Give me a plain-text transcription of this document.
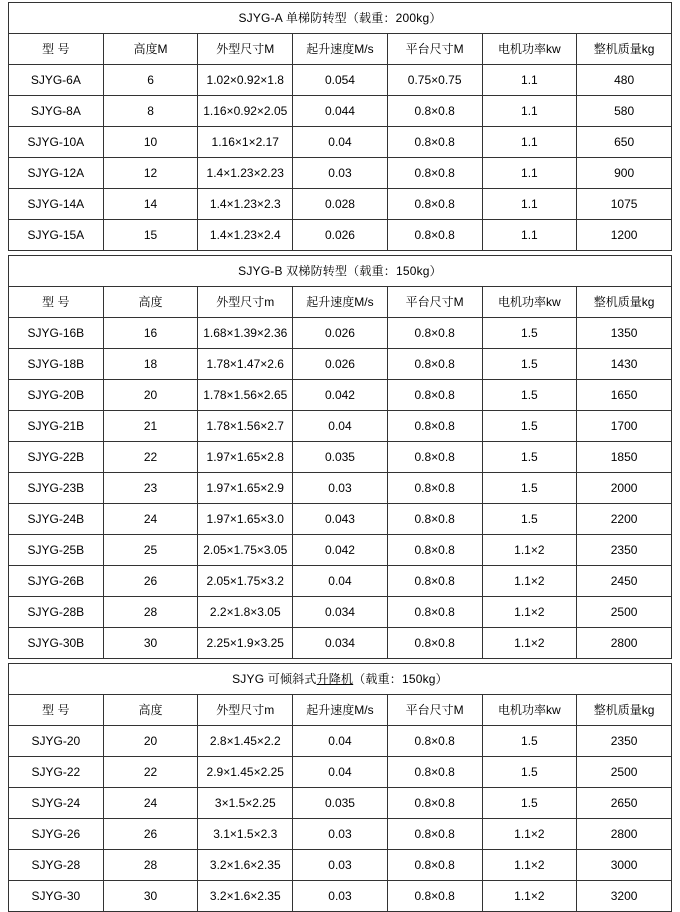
SJYG-A 单梯防转型（载重：200kg）						
型 号	高度M	外型尺寸M	起升速度M/s	平台尺寸M	电机功率kw	整机质量kg
SJYG-6A	6	1.02×0.92×1.8	0.054	0.75×0.75	1.1	480
SJYG-8A	8	1.16×0.92×2.05	0.044	0.8×0.8	1.1	580
SJYG-10A	10	1.16×1×2.17	0.04	0.8×0.8	1.1	650
SJYG-12A	12	1.4×1.23×2.23	0.03	0.8×0.8	1.1	900
SJYG-14A	14	1.4×1.23×2.3	0.028	0.8×0.8	1.1	1075
SJYG-15A	15	1.4×1.23×2.4	0.026	0.8×0.8	1.1	1200
SJYG-B 双梯防转型（载重：150kg）						
型 号	高度	外型尺寸m	起升速度M/s	平台尺寸M	电机功率kw	整机质量kg
SJYG-16B	16	1.68×1.39×2.36	0.026	0.8×0.8	1.5	1350
SJYG-18B	18	1.78×1.47×2.6	0.026	0.8×0.8	1.5	1430
SJYG-20B	20	1.78×1.56×2.65	0.042	0.8×0.8	1.5	1650
SJYG-21B	21	1.78×1.56×2.7	0.04	0.8×0.8	1.5	1700
SJYG-22B	22	1.97×1.65×2.8	0.035	0.8×0.8	1.5	1850
SJYG-23B	23	1.97×1.65×2.9	0.03	0.8×0.8	1.5	2000
SJYG-24B	24	1.97×1.65×3.0	0.043	0.8×0.8	1.5	2200
SJYG-25B	25	2.05×1.75×3.05	0.042	0.8×0.8	1.1×2	2350
SJYG-26B	26	2.05×1.75×3.2	0.04	0.8×0.8	1.1×2	2450
SJYG-28B	28	2.2×1.8×3.05	0.034	0.8×0.8	1.1×2	2500
SJYG-30B	30	2.25×1.9×3.25	0.034	0.8×0.8	1.1×2	2800
SJYG 可倾斜式升降机（载重：150kg）						
型 号	高度	外型尺寸m	起升速度M/s	平台尺寸M	电机功率kw	整机质量kg
SJYG-20	20	2.8×1.45×2.2	0.04	0.8×0.8	1.5	2350
SJYG-22	22	2.9×1.45×2.25	0.04	0.8×0.8	1.5	2500
SJYG-24	24	3×1.5×2.25	0.035	0.8×0.8	1.5	2650
SJYG-26	26	3.1×1.5×2.3	0.03	0.8×0.8	1.1×2	2800
SJYG-28	28	3.2×1.6×2.35	0.03	0.8×0.8	1.1×2	3000
SJYG-30	30	3.2×1.6×2.35	0.03	0.8×0.8	1.1×2	3200
